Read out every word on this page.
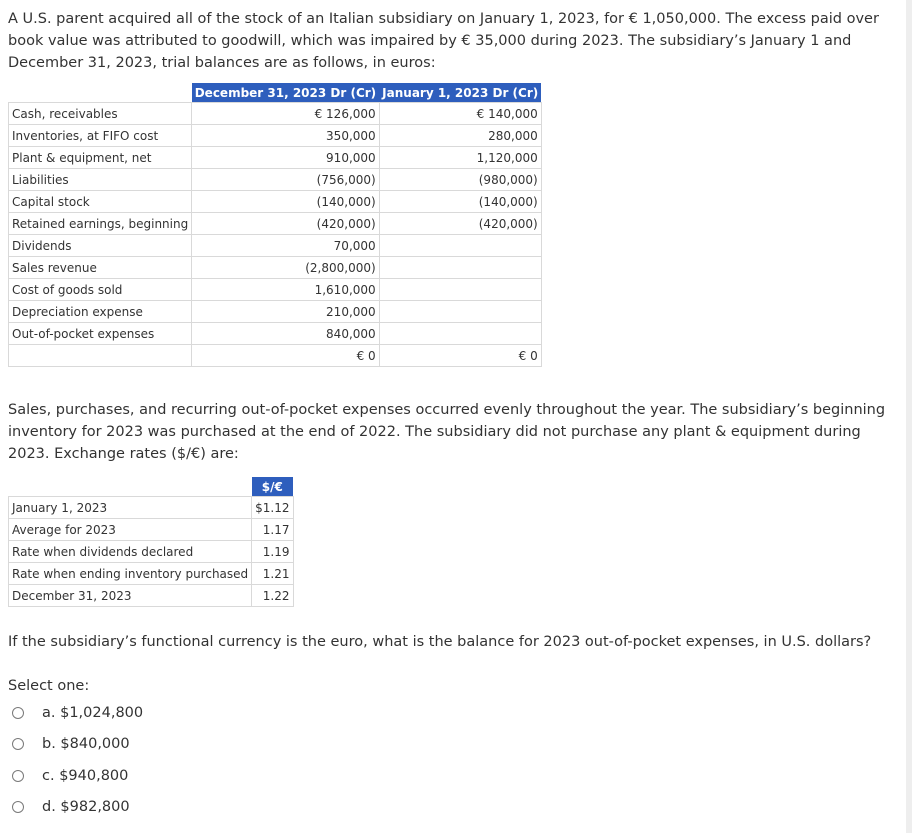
A U.S. parent acquired all of the stock of an Italian subsidiary on January 1, 2023, for € 1,050,000. The excess paid over book value was attributed to goodwill, which was impaired by € 35,000 during 2023. The subsidiary’s January 1 and December 31, 2023, trial balances are as follows, in euros:

	December 31, 2023 Dr (Cr)	January 1, 2023 Dr (Cr)
Cash, receivables	€ 126,000	€ 140,000
Inventories, at FIFO cost	350,000	280,000
Plant & equipment, net	910,000	1,120,000
Liabilities	(756,000)	(980,000)
Capital stock	(140,000)	(140,000)
Retained earnings, beginning	(420,000)	(420,000)
Dividends	70,000	
Sales revenue	(2,800,000)	
Cost of goods sold	1,610,000	
Depreciation expense	210,000	
Out-of-pocket expenses	840,000	
	€ 0	€ 0

Sales, purchases, and recurring out-of-pocket expenses occurred evenly throughout the year. The subsidiary’s beginning inventory for 2023 was purchased at the end of 2022. The subsidiary did not purchase any plant & equipment during 2023. Exchange rates ($/€) are:

	$/€
January 1, 2023	$1.12
Average for 2023	1.17
Rate when dividends declared	1.19
Rate when ending inventory purchased	1.21
December 31, 2023	1.22

If the subsidiary’s functional currency is the euro, what is the balance for 2023 out-of-pocket expenses, in U.S. dollars?

Select one:
a. $1,024,800
b. $840,000
c. $940,800
d. $982,800
